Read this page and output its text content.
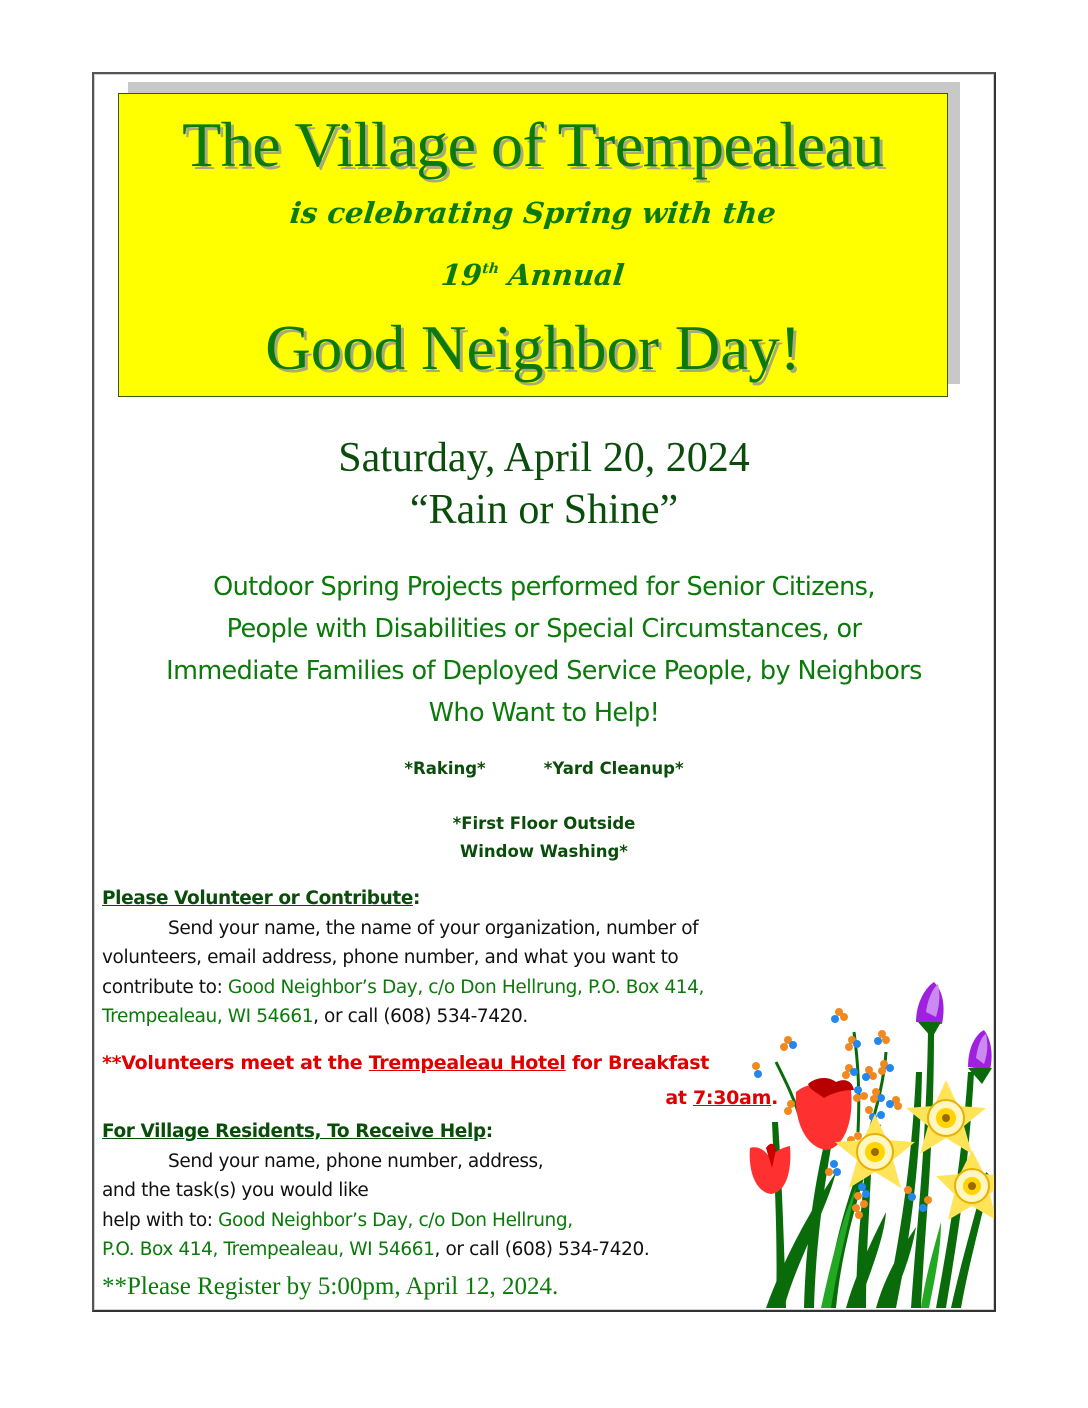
The Village of Trempealeau
is celebrating Spring with the
19th Annual
Good Neighbor Day!
Saturday, April 20, 2024
“Rain or Shine”
Outdoor Spring Projects performed for Senior Citizens,
People with Disabilities or Special Circumstances, or
Immediate Families of Deployed Service People, by Neighbors
Who Want to Help!
*Raking*	*Yard Cleanup*
*First Floor Outside
Window Washing*
Please Volunteer or Contribute:
Send your name, the name of your organization, number of
volunteers, email address, phone number, and what you want to
contribute to: Good Neighbor’s Day, c/o Don Hellrung, P.O. Box 414,
Trempealeau, WI 54661, or call (608) 534-7420.
**Volunteers meet at the Trempealeau Hotel for Breakfast
at 7:30am.
For Village Residents, To Receive Help:
Send your name, phone number, address,
and the task(s) you would like
help with to: Good Neighbor’s Day, c/o Don Hellrung,
P.O. Box 414, Trempealeau, WI 54661, or call (608) 534-7420.
**Please Register by 5:00pm, April 12, 2024.
